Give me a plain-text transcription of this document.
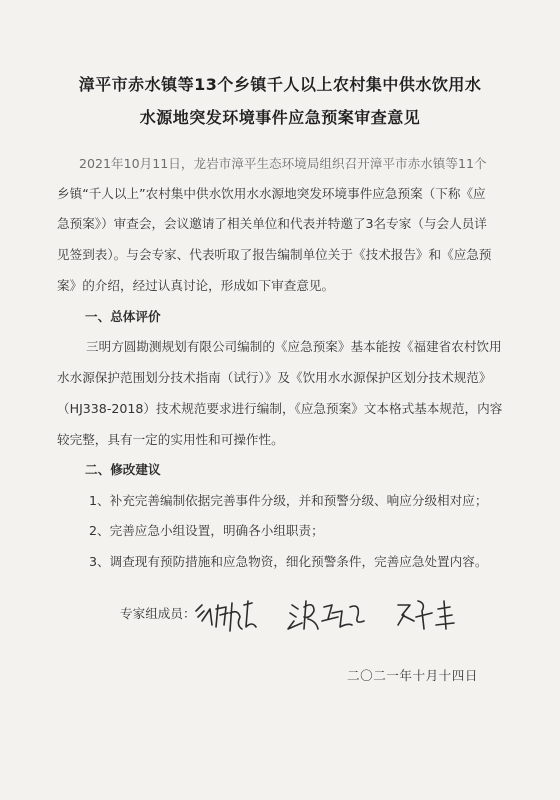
漳平市赤水镇等13个乡镇千人以上农村集中供水饮用水
水源地突发环境事件应急预案审查意见
2021年10月11日，龙岩市漳平生态环境局组织召开漳平市赤水镇等11个
乡镇“千人以上”农村集中供水饮用水水源地突发环境事件应急预案（下称《应
急预案》）审查会，会议邀请了相关单位和代表并特邀了3名专家（与会人员详
见签到表）。与会专家、代表听取了报告编制单位关于《技术报告》和《应急预
案》的介绍，经过认真讨论，形成如下审查意见。
一、总体评价
三明方圆勘测规划有限公司编制的《应急预案》基本能按《福建省农村饮用
水水源保护范围划分技术指南（试行）》及《饮用水水源保护区划分技术规范》
（HJ338-2018）技术规范要求进行编制，《应急预案》文本格式基本规范，内容
较完整，具有一定的实用性和可操作性。
二、修改建议
1、补充完善编制依据完善事件分级，并和预警分级、响应分级相对应；
2、完善应急小组设置，明确各小组职责；
3、调查现有预防措施和应急物资，细化预警条件，完善应急处置内容。
专家组成员：
二〇二一年十月十四日
